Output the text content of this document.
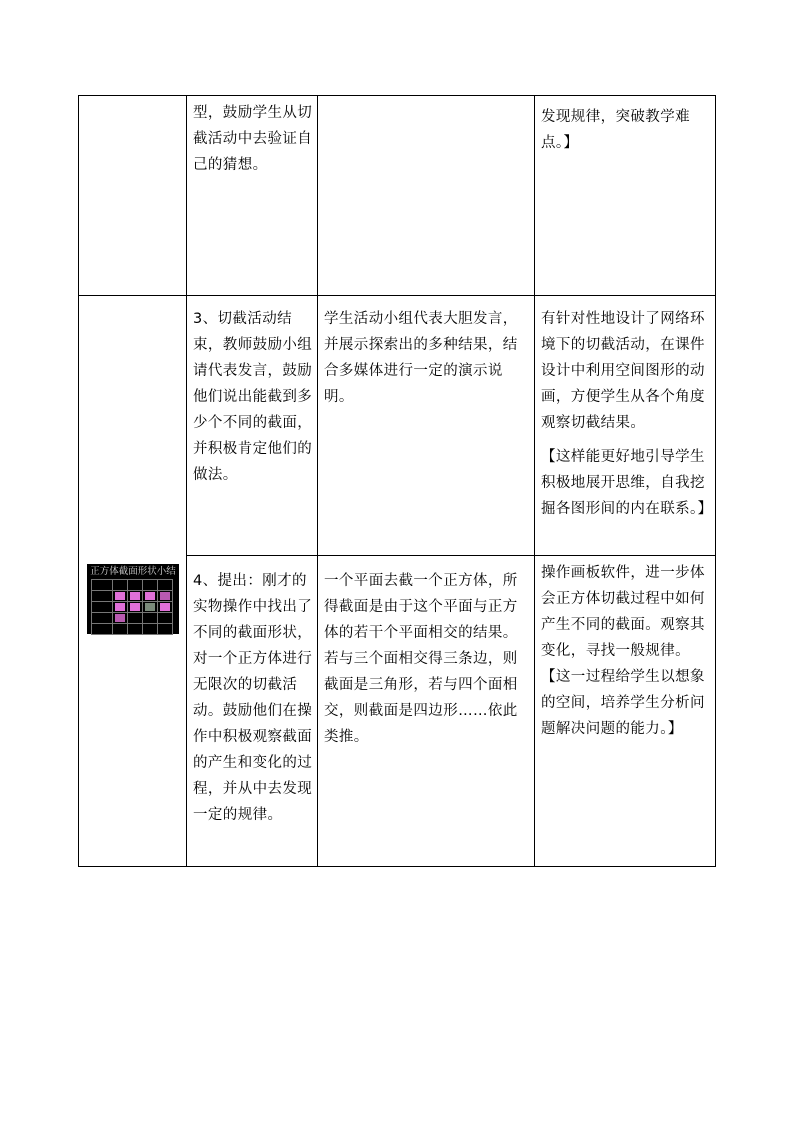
	型，鼓励学生从切截活动中去验证自己的猜想。		发现规律，突破教学难点。】

正方体截面形状小结	3、切截活动结束，教师鼓励小组请代表发言，鼓励他们说出能截到多少个不同的截面，并积极肯定他们的做法。	学生活动小组代表大胆发言，并展示探索出的多种结果，结合多媒体进行一定的演示说明。	有针对性地设计了网络环境下的切截活动，在课件设计中利用空间图形的动画，方便学生从各个角度观察切截结果。

【这样能更好地引导学生积极地展开思维，自我挖掘各图形间的内在联系。】

	4、提出：刚才的实物操作中找出了不同的截面形状，对一个正方体进行无限次的切截活动。鼓励他们在操作中积极观察截面的产生和变化的过程，并从中去发现一定的规律。	一个平面去截一个正方体，所得截面是由于这个平面与正方体的若干个平面相交的结果。若与三个面相交得三条边，则截面是三角形，若与四个面相交，则截面是四边形……依此类推。	操作画板软件，进一步体会正方体切截过程中如何产生不同的截面。观察其变化，寻找一般规律。

【这一过程给学生以想象的空间，培养学生分析问题解决问题的能力。】
